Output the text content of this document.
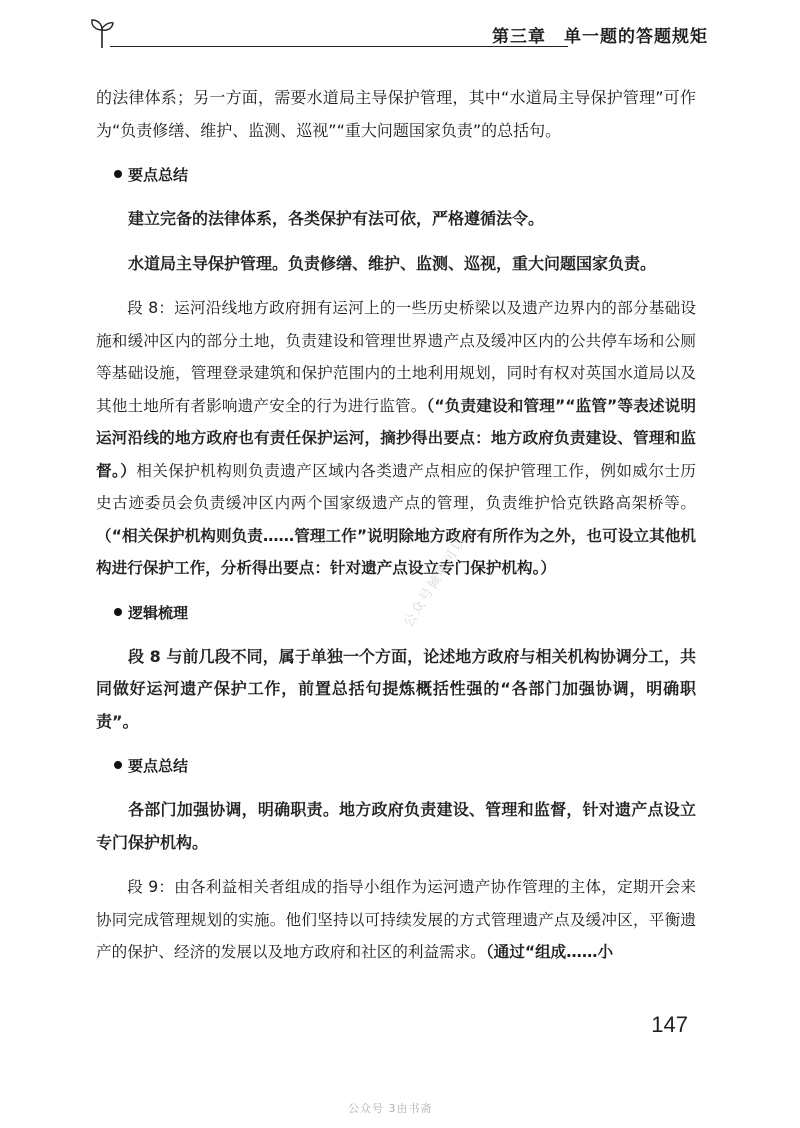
第三章　单一题的答题规矩

的法律体系；另一方面，需要水道局主导保护管理，其中“水道局主导保护管理”可作为“负责修缮、维护、监测、巡视”“重大问题国家负责”的总括句。

要点总结

建立完备的法律体系，各类保护有法可依，严格遵循法令。

水道局主导保护管理。负责修缮、维护、监测、巡视，重大问题国家负责。

段 8：运河沿线地方政府拥有运河上的一些历史桥梁以及遗产边界内的部分基础设施和缓冲区内的部分土地，负责建设和管理世界遗产点及缓冲区内的公共停车场和公厕等基础设施，管理登录建筑和保护范围内的土地利用规划，同时有权对英国水道局以及其他土地所有者影响遗产安全的行为进行监管。（“负责建设和管理”“监管”等表述说明运河沿线的地方政府也有责任保护运河，摘抄得出要点：地方政府负责建设、管理和监督。）相关保护机构则负责遗产区域内各类遗产点相应的保护管理工作，例如威尔士历史古迹委员会负责缓冲区内两个国家级遗产点的管理，负责维护恰克铁路高架桥等。（“相关保护机构则负责……管理工作”说明除地方政府有所作为之外，也可设立其他机构进行保护工作，分析得出要点：针对遗产点设立专门保护机构。）

逻辑梳理

段 8 与前几段不同，属于单独一个方面，论述地方政府与相关机构协调分工，共同做好运河遗产保护工作，前置总括句提炼概括性强的“各部门加强协调，明确职责”。

要点总结

各部门加强协调，明确职责。地方政府负责建设、管理和监督，针对遗产点设立专门保护机构。

段 9：由各利益相关者组成的指导小组作为运河遗产协作管理的主体，定期开会来协同完成管理规划的实施。他们坚持以可持续发展的方式管理遗产点及缓冲区，平衡遗产的保护、经济的发展以及地方政府和社区的利益需求。（通过“组成……小

公众号倾听可以
147
公众号 3由书斋
